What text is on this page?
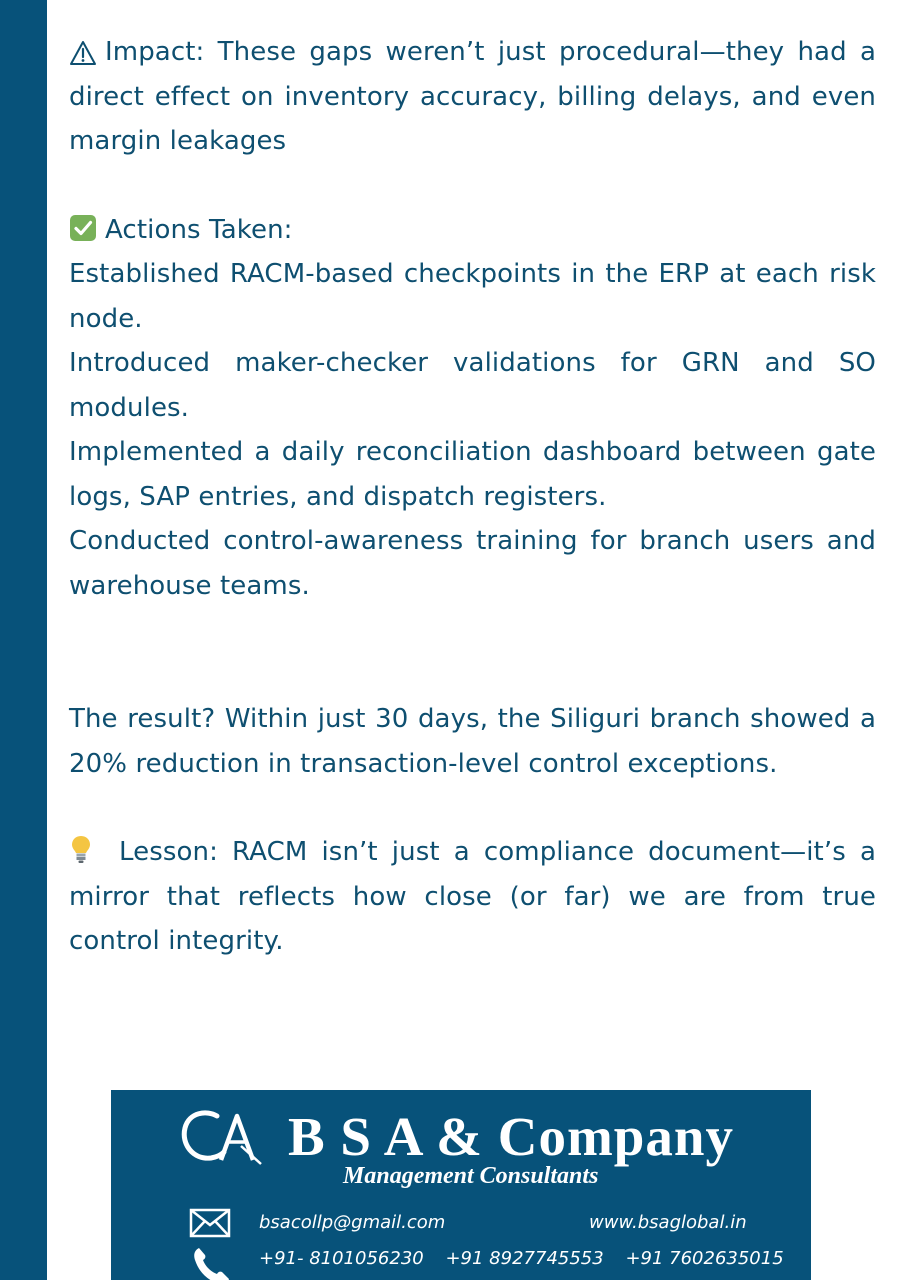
Impact: These gaps weren’t just procedural—they had a direct effect on inventory accuracy, billing delays, and even margin leakages

Actions Taken:

Established RACM-based checkpoints in the ERP at each risk node.

Introduced maker-checker validations for GRN and SO modules.

Implemented a daily reconciliation dashboard between gate logs, SAP entries, and dispatch registers.

Conducted control-awareness training for branch users and warehouse teams.

The result? Within just 30 days, the Siliguri branch showed a 20% reduction in transaction-level control exceptions.

Lesson: RACM isn’t just a compliance document—it’s a mirror that reflects how close (or far) we are from true control integrity.

B S A & Company
Management Consultants
bsacollp@gmail.com	www.bsaglobal.in
+91- 8101056230 +91 8927745553 +91 7602635015
